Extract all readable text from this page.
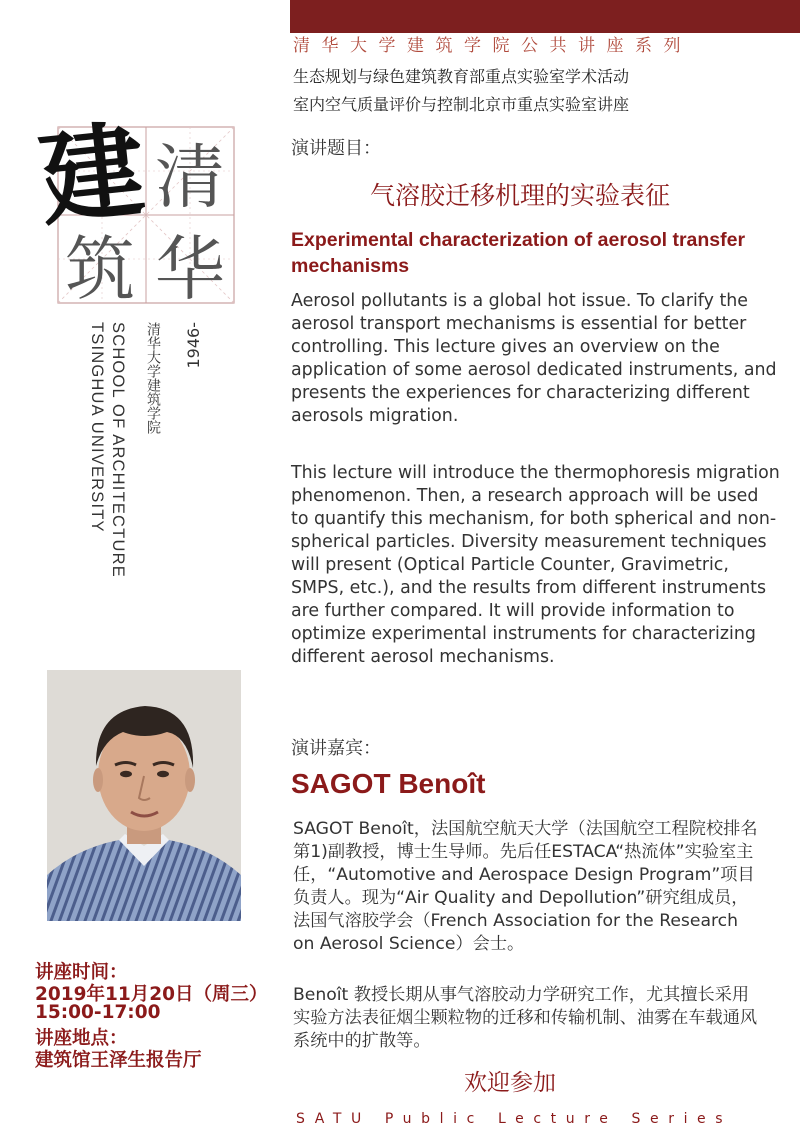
清华大学建筑学院公共讲座系列
生态规划与绿色建筑教育部重点实验室学术活动
室内空气质量评价与控制北京市重点实验室讲座
清
筑 华
建
1946-
清华大学建筑学院
SCHOOL OF ARCHITECTURE
TSINGHUA UNIVERSITY
讲座时间：
2019年11月20日（周三）
15:00-17:00
讲座地点：
建筑馆王泽生报告厅
演讲题目：
气溶胶迁移机理的实验表征
Experimental characterization of aerosol transfer mechanisms

Aerosol pollutants is a global hot issue. To clarify the aerosol transport mechanisms is essential for better controlling. This lecture gives an overview on the application of some aerosol dedicated instruments, and presents the experiences for characterizing different aerosols migration.

This lecture will introduce the thermophoresis migration phenomenon. Then, a research approach will be used to quantify this mechanism, for both spherical and non-spherical particles. Diversity measurement techniques will present (Optical Particle Counter, Gravimetric, SMPS, etc.), and the results from different instruments are further compared. It will provide information to optimize experimental instruments for characterizing different aerosol mechanisms.

演讲嘉宾：
SAGOT Benoît

SAGOT Benoît，法国航空航天大学（法国航空工程院校排名第1)副教授，博士生导师。先后任ESTACA“热流体”实验室主任，“Automotive and Aerospace Design Program”项目负责人。现为“Air Quality and Depollution”研究组成员，法国气溶胶学会（French Association for the Research on Aerosol Science）会士。

Benoît 教授长期从事气溶胶动力学研究工作，尤其擅长采用实验方法表征烟尘颗粒物的迁移和传输机制、油雾在车载通风系统中的扩散等。

欢迎参加
SATU Public Lecture Series
